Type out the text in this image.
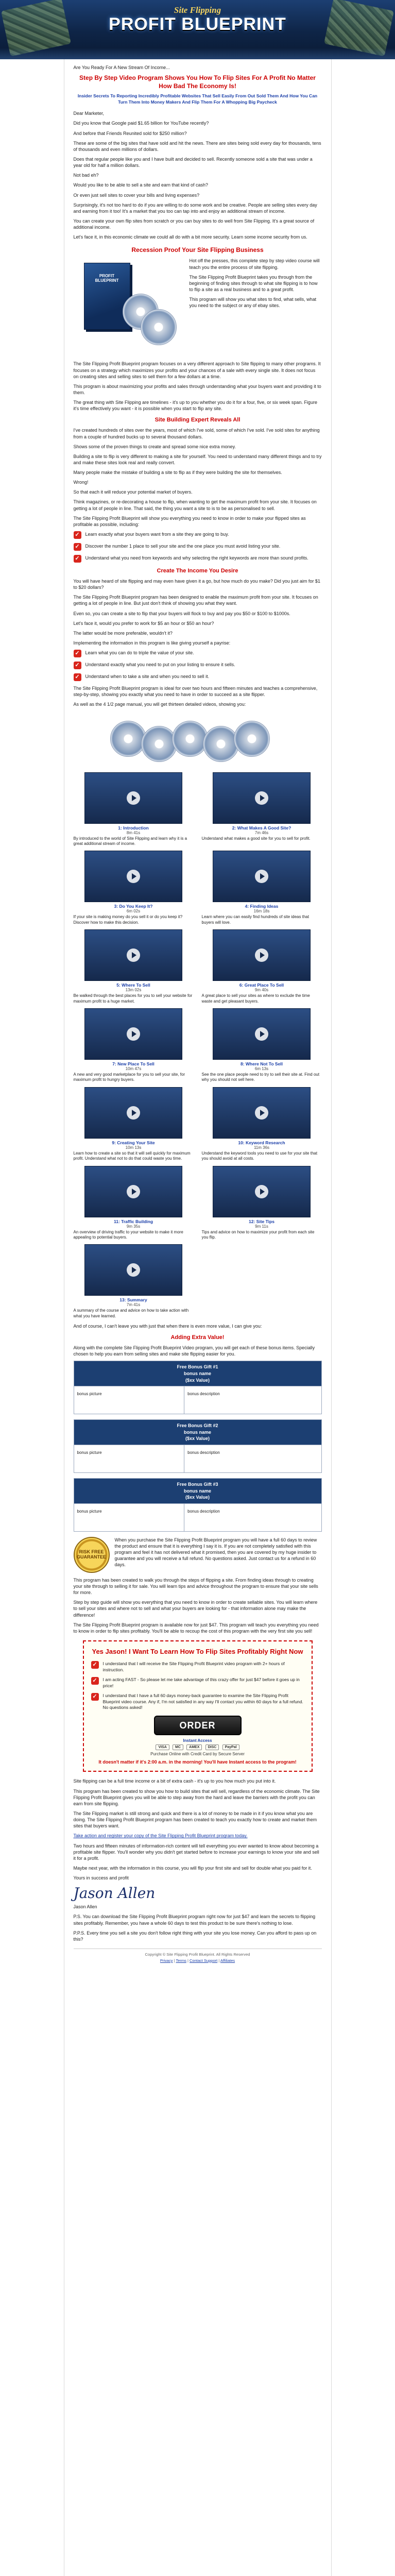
Site Flipping
PROFIT BLUEPRINT

Are You Ready For A New Stream Of Income...

Step By Step Video Program Shows You How To Flip Sites For A Profit No Matter How Bad The Economy Is!
Insider Secrets To Reporting Incredibly Profitable Websites That Sell Easily From Out Sold Them And How You Can Turn Them Into Money Makers And Flip Them For A Whopping Big Paycheck

Dear Marketer,

Did you know that Google paid $1.65 billion for YouTube recently?

And before that Friends Reunited sold for $250 million?

These are some of the big sites that have sold and hit the news. There are sites being sold every day for thousands, tens of thousands and even millions of dollars.

Does that regular people like you and I have built and decided to sell. Recently someone sold a site that was under a year old for half a million dollars.

Not bad eh?

Would you like to be able to sell a site and earn that kind of cash?

Or even just sell sites to cover your bills and living expenses?

Surprisingly, it's not too hard to do if you are willing to do some work and be creative. People are selling sites every day and earning from it too! It's a market that you too can tap into and enjoy an additional stream of income.

You can create your own flip sites from scratch or you can buy sites to do well from Site Flipping. It's a great source of additional income.

Let's face it, in this economic climate we could all do with a bit more security. Learn some income security from us.

Recession Proof Your Site Flipping Business
PROFIT BLUEPRINT

Hot off the presses, this complete step by step video course will teach you the entire process of site flipping.

The Site Flipping Profit Blueprint takes you through from the beginning of finding sites through to what site flipping is to how to flip a site as a real business and to a great profit.

This program will show you what sites to find, what sells, what you need to the subject or any of ebay sites.

The Site Flipping Profit Blueprint program focuses on a very different approach to Site flipping to many other programs. It focuses on a strategy which maximizes your profits and your chances of a sale with every single site. It does not focus on creating sites and selling sites to sell them for a few dollars at a time.

This program is about maximizing your profits and sales through understanding what your buyers want and providing it to them.

The great thing with Site Flipping are timelines - it's up to you whether you do it for a four, five, or six week span. Figure it's time effectively you want - it is possible when you start to flip any site.

Site Building Expert Reveals All

I've created hundreds of sites over the years, most of which I've sold, some of which I've sold. I've sold sites for anything from a couple of hundred bucks up to several thousand dollars.

Shows some of the proven things to create and spread some nice extra money.

Building a site to flip is very different to making a site for yourself. You need to understand many different things and to try and make these sites look real and really convert.

Many people make the mistake of building a site to flip as if they were building the site for themselves.

Wrong!

So that each it will reduce your potential market of buyers.

Think magazines, or re-decorating a house to flip, when wanting to get the maximum profit from your site. It focuses on getting a lot of people in line. That said, the thing you want a site to is to be as personalised to sell.

The Site Flipping Profit Blueprint will show you everything you need to know in order to make your flipped sites as profitable as possible, including:

✓	Learn exactly what your buyers want from a site they are going to buy.
✓	Discover the number 1 place to sell your site and the one place you must avoid listing your site.
✓	Understand what you need from keywords and why selecting the right keywords are more than sound profits.
Create The Income You Desire

You will have heard of site flipping and may even have given it a go, but how much do you make? Did you just aim for $1 to $20 dollars?

The Site Flipping Profit Blueprint program has been designed to enable the maximum profit from your site. It focuses on getting a lot of people in line. But just don't think of showing you what they want.

Even so, you can create a site to flip that your buyers will flock to buy and pay you $50 or $100 to $1000s.

Let's face it, would you prefer to work for $5 an hour or $50 an hour?

The latter would be more preferable, wouldn't it?

Implementing the information in this program is like giving yourself a payrise:

✓	Learn what you can do to triple the value of your site.
✓	Understand exactly what you need to put on your listing to ensure it sells.
✓	Understand when to take a site and when you need to sell it.

The Site Flipping Profit Blueprint program is ideal for over two hours and fifteen minutes and teaches a comprehensive, step-by-step, showing you exactly what you need to have in order to succeed as a site flipper.

As well as the 4 1/2 page manual, you will get thirteen detailed videos, showing you:

1: Introduction
8m 41s
By introduced to the world of Site Flipping and learn why it is a great additional stream of income.
2: What Makes A Good Site?
7m 46s
Understand what makes a good site for you to sell for profit.
3: Do You Keep It?
6m 02s
If your site is making money do you sell it or do you keep it? Discover how to make this decision.
4: Finding Ideas
16m 18s
Learn where you can easily find hundreds of site ideas that buyers will love.
5: Where To Sell
13m 02s
Be walked through the best places for you to sell your website for maximum profit to a huge market.
6: Great Place To Sell
9m 40s
A great place to sell your sites as where to exclude the time waste and get pleasant buyers.
7: New Place To Sell
10m 47s
A new and very good marketplace for you to sell your site, for maximum profit to hungry buyers.
8: Where Not To Sell
6m 13s
See the one place people need to try to sell their site at. Find out why you should not sell here.
9: Creating Your Site
10m 13s
Learn how to create a site so that it will sell quickly for maximum profit. Understand what not to do that could waste you time.
10: Keyword Research
11m 36s
Understand the keyword tools you need to use for your site that you should avoid at all costs.
11: Traffic Building
9m 35s
An overview of driving traffic to your website to make it more appealing to potential buyers.
12: Site Tips
9m 11s
Tips and advice on how to maximize your profit from each site you flip.
13: Summary
7m 41s
A summary of the course and advice on how to take action with what you have learned.

And of course, I can't leave you with just that when there is even more value, I can give you:

Adding Extra Value!

Along with the complete Site Flipping Profit Blueprint Video program, you will get each of these bonus items. Specially chosen to help you earn from selling sites and make site flipping easier for you.

Free Bonus Gift #1
bonus name
($xx Value)

bonus picture	bonus description
Free Bonus Gift #2
bonus name
($xx Value)

bonus picture	bonus description
Free Bonus Gift #3
bonus name
($xx Value)

bonus picture	bonus description
RISK FREE GUARANTEE

When you purchase the Site Flipping Profit Blueprint program you will have a full 60 days to review the product and ensure that it is everything I say it is. If you are not completely satisfied with this program and feel it has not delivered what it promised, then you are covered by my huge insider to guarantee and you will receive a full refund. No questions asked. Just contact us for a refund in 60 days.

This program has been created to walk you through the steps of flipping a site. From finding ideas through to creating your site through to selling it for sale. You will learn tips and advice throughout the program to ensure that your site sells for more.

Step by step guide will show you everything that you need to know in order to create sellable sites. You will learn where to sell your sites and where not to sell and what your buyers are looking for - that information alone may make the difference!

The Site Flipping Profit Blueprint program is available now for just $47. This program will teach you everything you need to know in order to flip sites profitably. You'll be able to recoup the cost of this program with the very first site you sell!

Yes Jason! I Want To Learn How To Flip Sites Profitably Right Now
✓	I understand that I will receive the Site Flipping Profit Blueprint video program with 2+ hours of instruction.
✓	I am acting FAST - So please let me take advantage of this crazy offer for just $47 before it goes up in price!
✓	I understand that I have a full 60 days money-back guarantee to examine the Site Flipping Profit Blueprint video course. Any if, I'm not satisfied in any way I'll contact you within 60 days for a full refund. No questions asked!
ORDER
Instant Access
VISA MC AMEX DISC PayPal
Purchase Online with Credit Card by Secure Server
It doesn't matter if it's 2:00 a.m. in the morning! You'll have Instant access to the program!

Site flipping can be a full time income or a bit of extra cash - it's up to you how much you put into it.

This program has been created to show you how to build sites that will sell, regardless of the economic climate. The Site Flipping Profit Blueprint gives you will be able to step away from the hard and leave the barriers with the profit you can earn from site flipping.

The Site Flipping market is still strong and quick and there is a lot of money to be made in it if you know what you are doing. The Site Flipping Profit Blueprint program has been created to teach you exactly how to create and market them sites that buyers want.

Take action and register your copy of the Site Flipping Profit Blueprint program today.

Two hours and fifteen minutes of information-rich content will tell everything you ever wanted to know about becoming a profitable site flipper. You'll wonder why you didn't get started before to increase your earnings to know your site and sell it for a profit.

Maybe next year, with the information in this course, you will flip your first site and sell for double what you paid for it.

Yours in success and profit

Jason Allen

Jason Allen

P.S. You can download the Site Flipping Profit Blueprint program right now for just $47 and learn the secrets to flipping sites profitably. Remember, you have a whole 60 days to test this product to be sure there's nothing to lose.

P.P.S. Every time you sell a site you don't follow right thing with your site you lose money. Can you afford to pass up on this?

Copyright © Site Flipping Profit Blueprint. All Rights Reserved
Privacy | Terms | Contact Support | Affiliates
